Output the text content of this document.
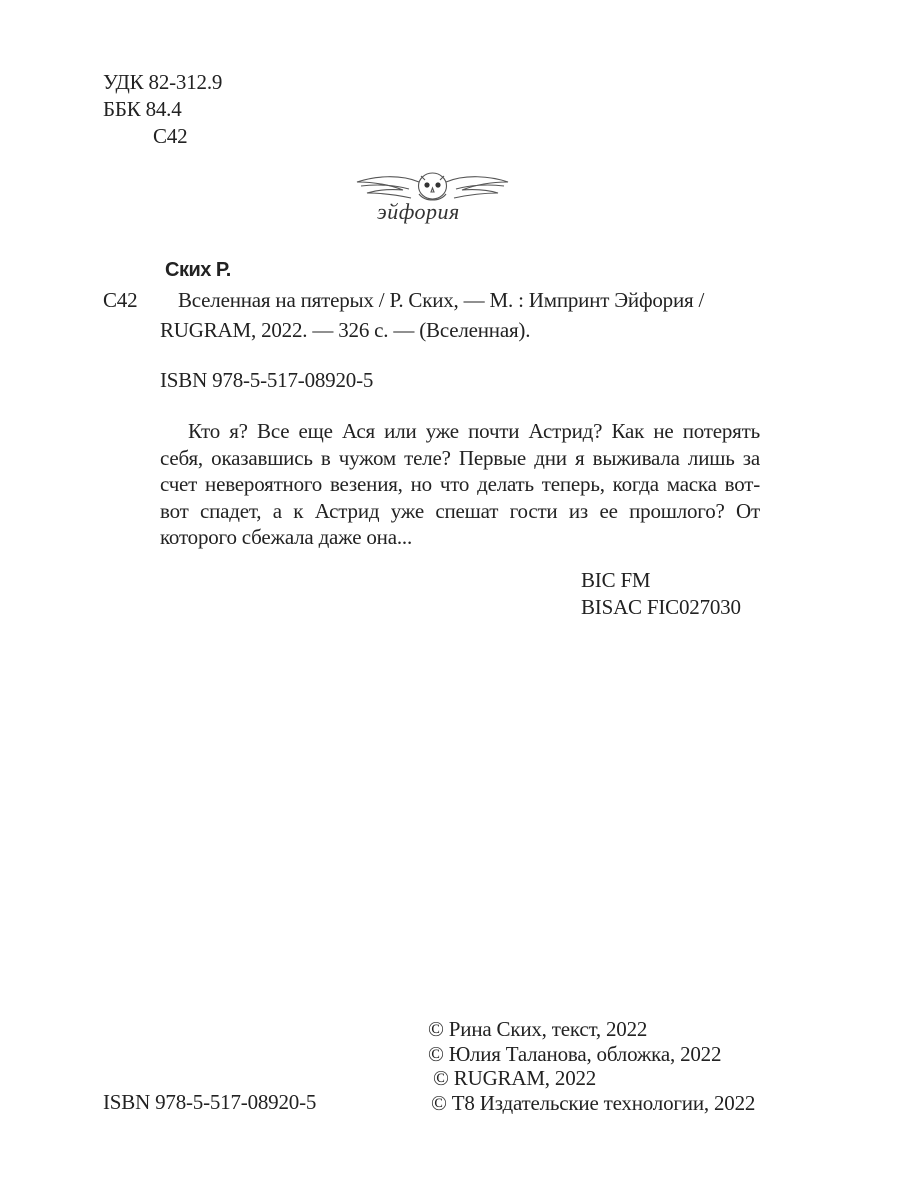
УДК 82-312.9
ББК 84.4
С42
эйфория
Ских Р.
С42 Вселенная на пятерых / Р. Ских, — М. : Импринт Эйфория /
RUGRAM, 2022. — 326 с. — (Вселенная).
ISBN 978-5-517-08920-5

Кто я? Все еще Ася или уже почти Астрид? Как не потерять себя, оказавшись в чужом теле? Первые дни я выживала лишь за счет невероятного везения, но что делать теперь, когда маска вот-вот спадет, а к Астрид уже спешат гости из ее прошлого? От которого сбежала даже она...

BIC FM
BISAC FIC027030
© Рина Ских, текст, 2022
© Юлия Таланова, обложка, 2022
© RUGRAM, 2022
© Т8 Издательские технологии, 2022
ISBN 978-5-517-08920-5
